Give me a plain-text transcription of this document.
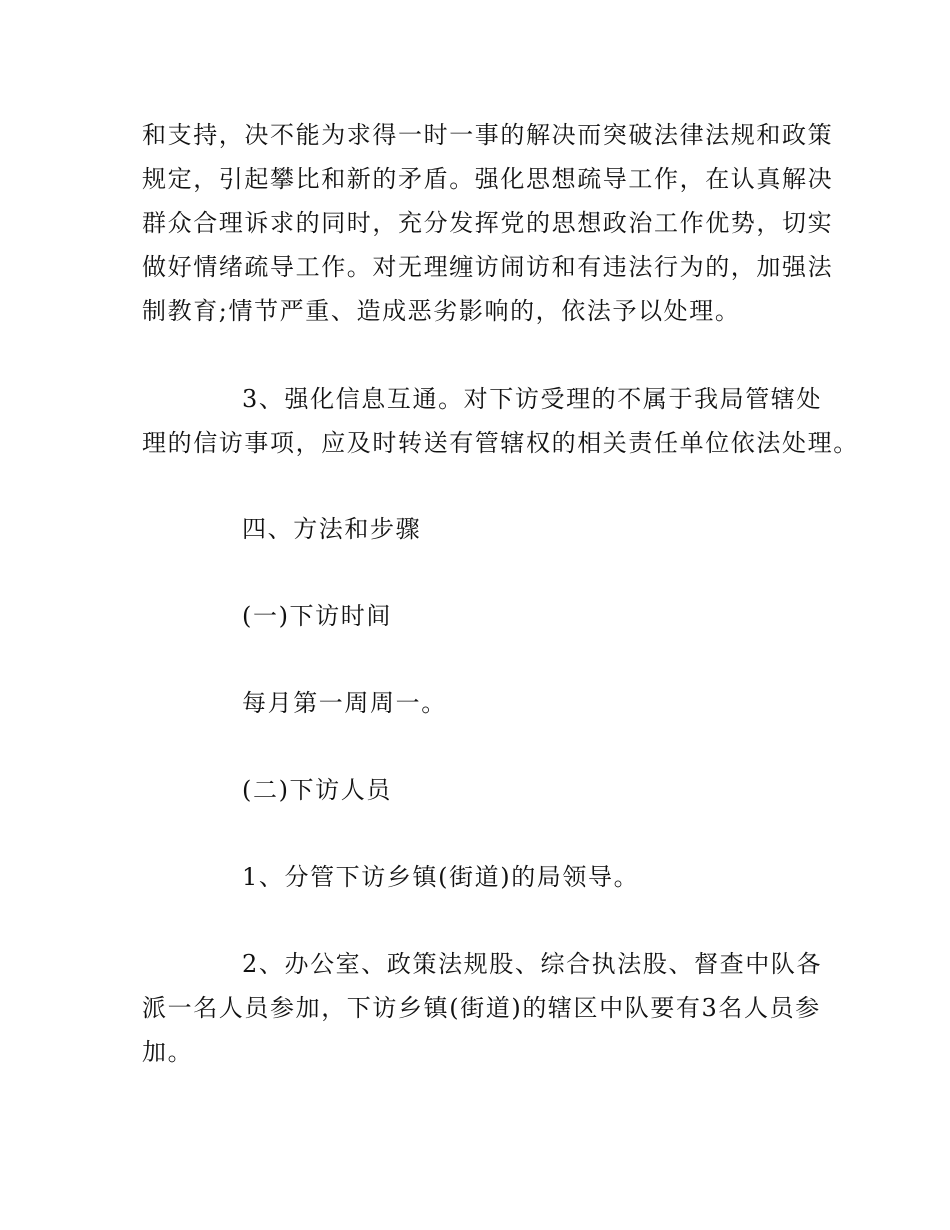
和支持，决不能为求得一时一事的解决而突破法律法规和政策
规定，引起攀比和新的矛盾。强化思想疏导工作，在认真解决
群众合理诉求的同时，充分发挥党的思想政治工作优势，切实
做好情绪疏导工作。对无理缠访闹访和有违法行为的，加强法
制教育;情节严重、造成恶劣影响的，依法予以处理。
3、强化信息互通。对下访受理的不属于我局管辖处
理的信访事项，应及时转送有管辖权的相关责任单位依法处理。
四、方法和步骤
(一)下访时间
每月第一周周一。
(二)下访人员
1、分管下访乡镇(街道)的局领导。
2、办公室、政策法规股、综合执法股、督查中队各
派一名人员参加，下访乡镇(街道)的辖区中队要有3名人员参
加。
